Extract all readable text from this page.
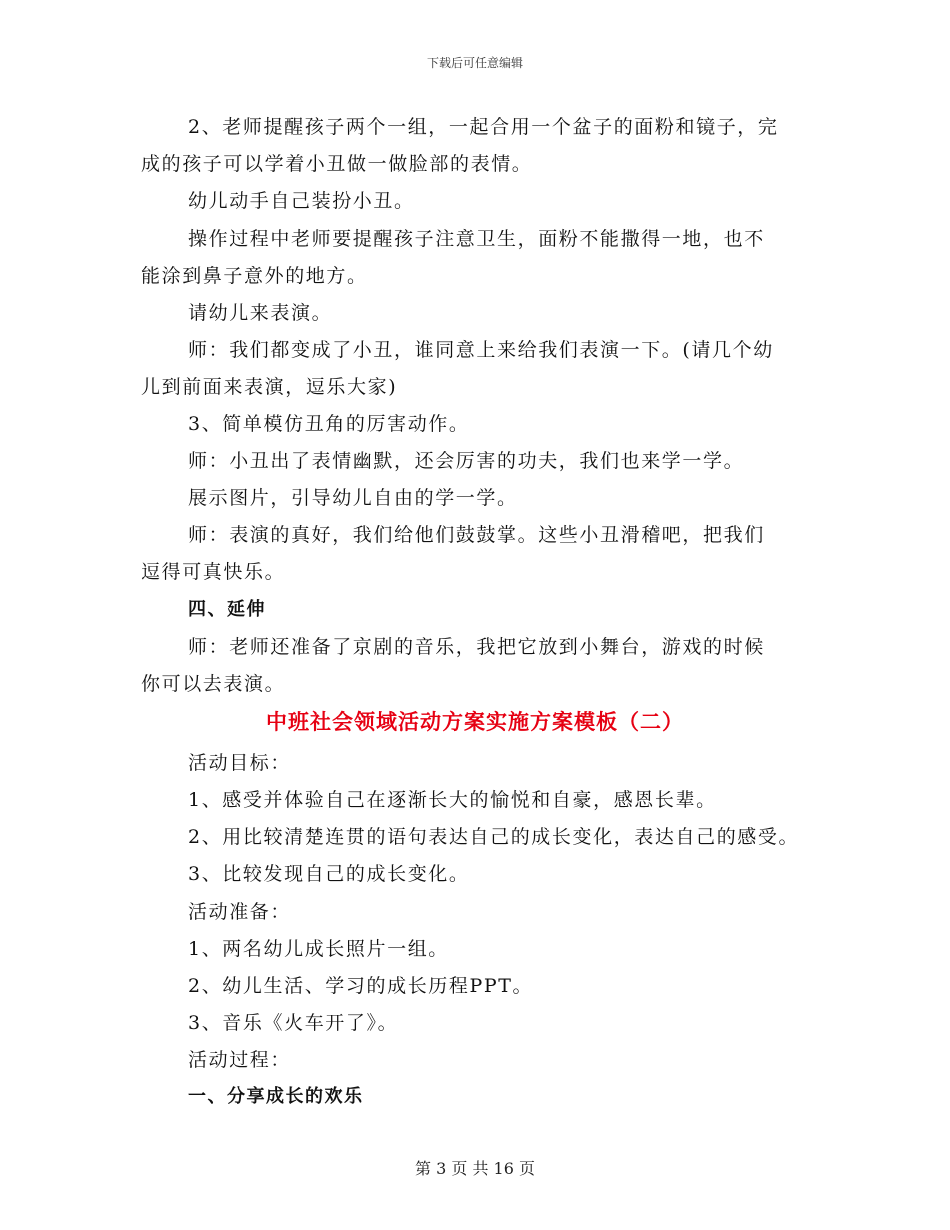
下载后可任意编辑
2、老师提醒孩子两个一组，一起合用一个盆子的面粉和镜子，完
成的孩子可以学着小丑做一做脸部的表情。
幼儿动手自己装扮小丑。
操作过程中老师要提醒孩子注意卫生，面粉不能撒得一地，也不
能涂到鼻子意外的地方。
请幼儿来表演。
师：我们都变成了小丑，谁同意上来给我们表演一下。(请几个幼
儿到前面来表演，逗乐大家)
3、简单模仿丑角的厉害动作。
师：小丑出了表情幽默，还会厉害的功夫，我们也来学一学。
展示图片，引导幼儿自由的学一学。
师：表演的真好，我们给他们鼓鼓掌。这些小丑滑稽吧，把我们
逗得可真快乐。
四、延伸
师：老师还准备了京剧的音乐，我把它放到小舞台，游戏的时候
你可以去表演。
中班社会领域活动方案实施方案模板（二）
活动目标：
1、感受并体验自己在逐渐长大的愉悦和自豪，感恩长辈。
2、用比较清楚连贯的语句表达自己的成长变化，表达自己的感受。
3、比较发现自己的成长变化。
活动准备：
1、两名幼儿成长照片一组。
2、幼儿生活、学习的成长历程PPT。
3、音乐《火车开了》。
活动过程：
一、分享成长的欢乐
第 3 页 共 16 页
